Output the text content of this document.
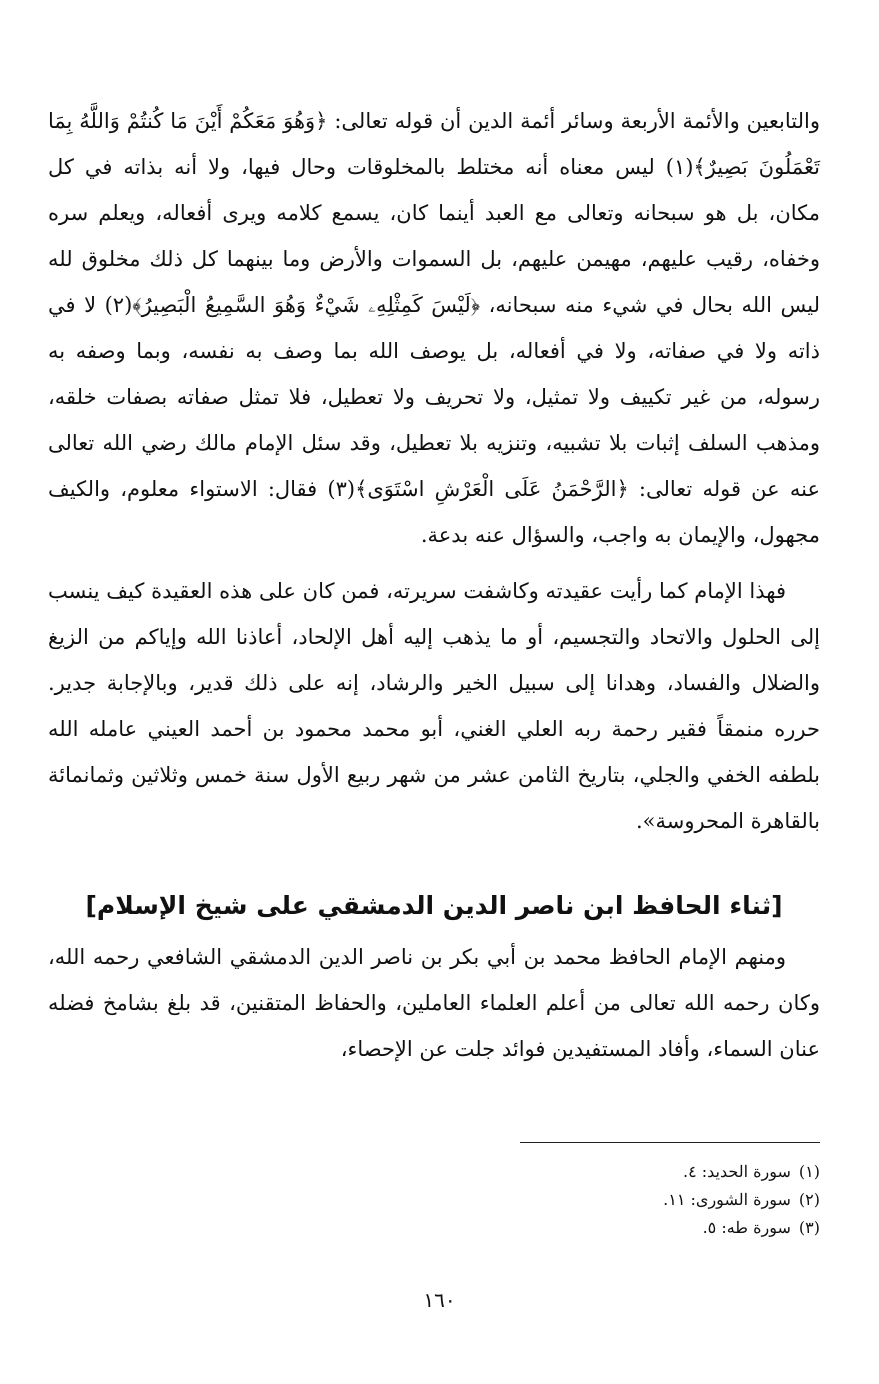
والتابعين والأئمة الأربعة وسائر أئمة الدين أن قوله تعالى: ﴿وَهُوَ مَعَكُمْ أَيْنَ مَا كُنتُمْ وَاللَّهُ بِمَا تَعْمَلُونَ بَصِيرٌ﴾(١) ليس معناه أنه مختلط بالمخلوقات وحال فيها، ولا أنه بذاته في كل مكان، بل هو سبحانه وتعالى مع العبد أينما كان، يسمع كلامه ويرى أفعاله، ويعلم سره وخفاه، رقيب عليهم، مهيمن عليهم، بل السموات والأرض وما بينهما كل ذلك مخلوق لله ليس الله بحال في شيء منه سبحانه، ﴿لَيْسَ كَمِثْلِهِۦ شَيْءٌ وَهُوَ السَّمِيعُ الْبَصِيرُ﴾(٢) لا في ذاته ولا في صفاته، ولا في أفعاله، بل يوصف الله بما وصف به نفسه، وبما وصفه به رسوله، من غير تكييف ولا تمثيل، ولا تحريف ولا تعطيل، فلا تمثل صفاته بصفات خلقه، ومذهب السلف إثبات بلا تشبيه، وتنزيه بلا تعطيل، وقد سئل الإمام مالك رضي الله تعالى عنه عن قوله تعالى: ﴿الرَّحْمَنُ عَلَى الْعَرْشِ اسْتَوَى﴾(٣) فقال: الاستواء معلوم، والكيف مجهول، والإيمان به واجب، والسؤال عنه بدعة.

فهذا الإمام كما رأيت عقيدته وكاشفت سريرته، فمن كان على هذه العقيدة كيف ينسب إلى الحلول والاتحاد والتجسيم، أو ما يذهب إليه أهل الإلحاد، أعاذنا الله وإياكم من الزيغ والضلال والفساد، وهدانا إلى سبيل الخير والرشاد، إنه على ذلك قدير، وبالإجابة جدير. حرره منمقاً فقير رحمة ربه العلي الغني، أبو محمد محمود بن أحمد العيني عامله الله بلطفه الخفي والجلي، بتاريخ الثامن عشر من شهر ربيع الأول سنة خمس وثلاثين وثمانمائة بالقاهرة المحروسة».

[ثناء الحافظ ابن ناصر الدين الدمشقي على شيخ الإسلام]

ومنهم الإمام الحافظ محمد بن أبي بكر بن ناصر الدين الدمشقي الشافعي رحمه الله، وكان رحمه الله تعالى من أعلم العلماء العاملين، والحفاظ المتقنين، قد بلغ بشامخ فضله عنان السماء، وأفاد المستفيدين فوائد جلت عن الإحصاء،

(١)سورة الحديد: ٤.

(٢)سورة الشورى: ١١.

(٣)سورة طه: ٥.

١٦٠
